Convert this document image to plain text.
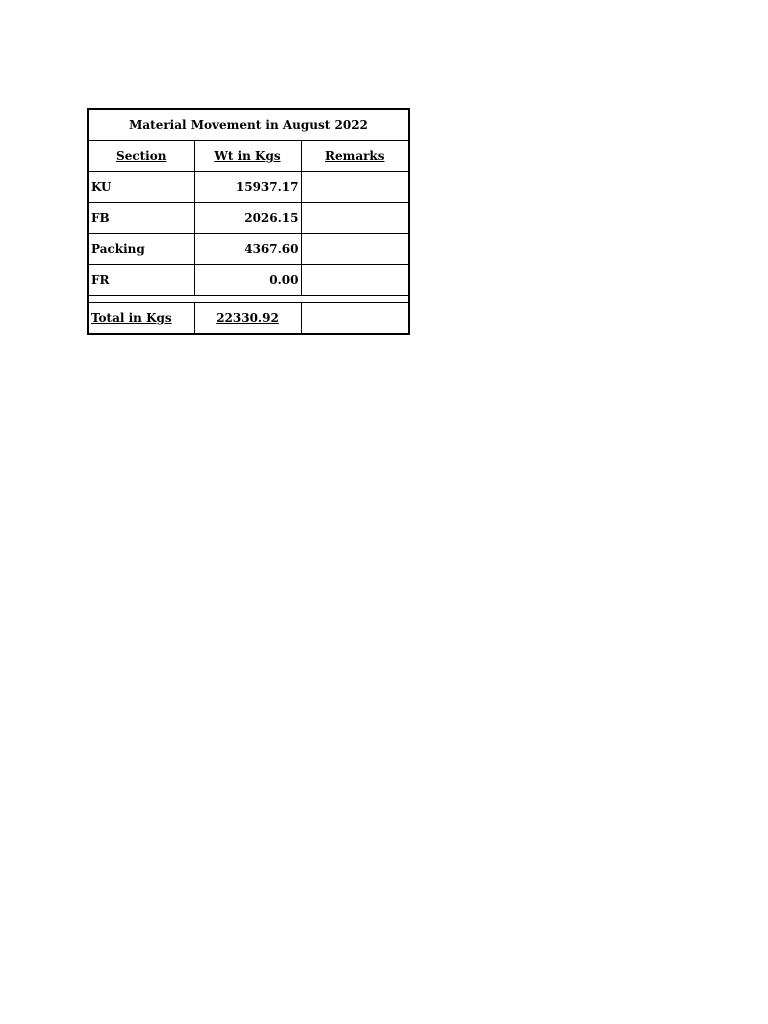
Material Movement in August 2022		
Section	Wt in Kgs	Remarks
KU	15937.17	
FB	2026.15	
Packing	4367.60	
FR	0.00	

Total in Kgs	22330.92	
